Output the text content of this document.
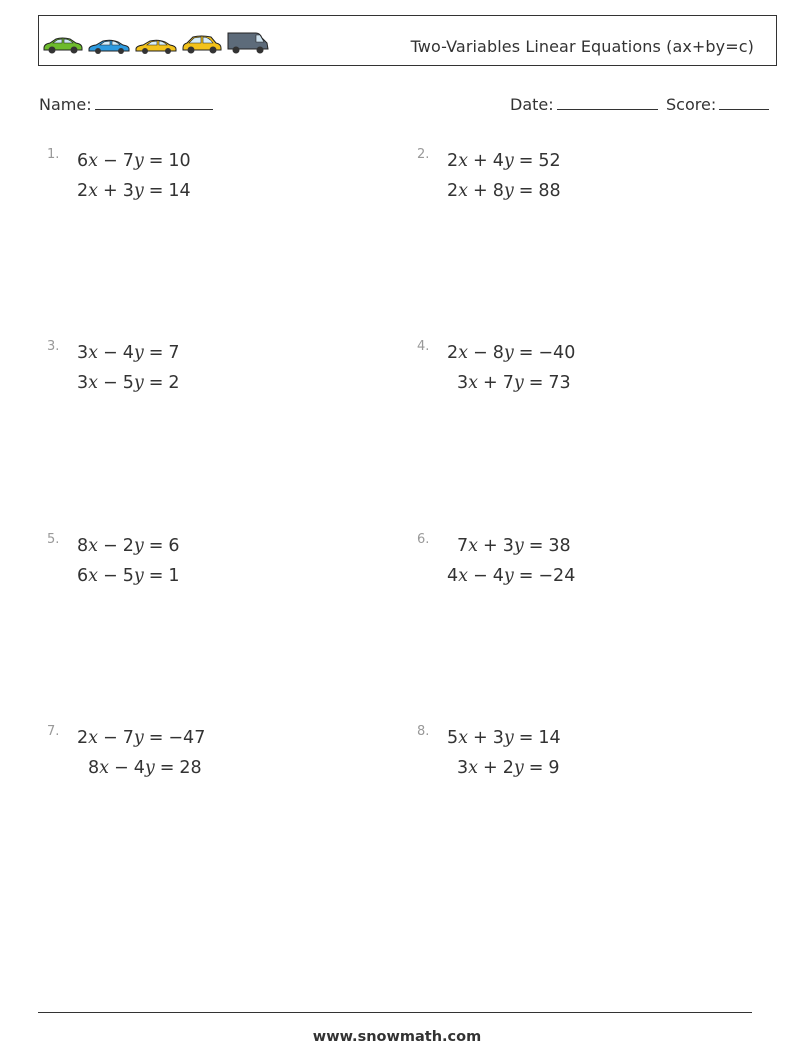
Two-Variables Linear Equations (ax+by=c)
Name:	Date:	Score:
1. 6x − 7y = 10
2x + 3y = 14
2. 2x + 4y = 52
2x + 8y = 88
3. 3x − 4y = 7
3x − 5y = 2
4. 2x − 8y = −40
3x + 7y = 73
5. 8x − 2y = 6
6x − 5y = 1
6. 7x + 3y = 38
4x − 4y = −24
7. 2x − 7y = −47
8x − 4y = 28
8. 5x + 3y = 14
3x + 2y = 9
www.snowmath.com
